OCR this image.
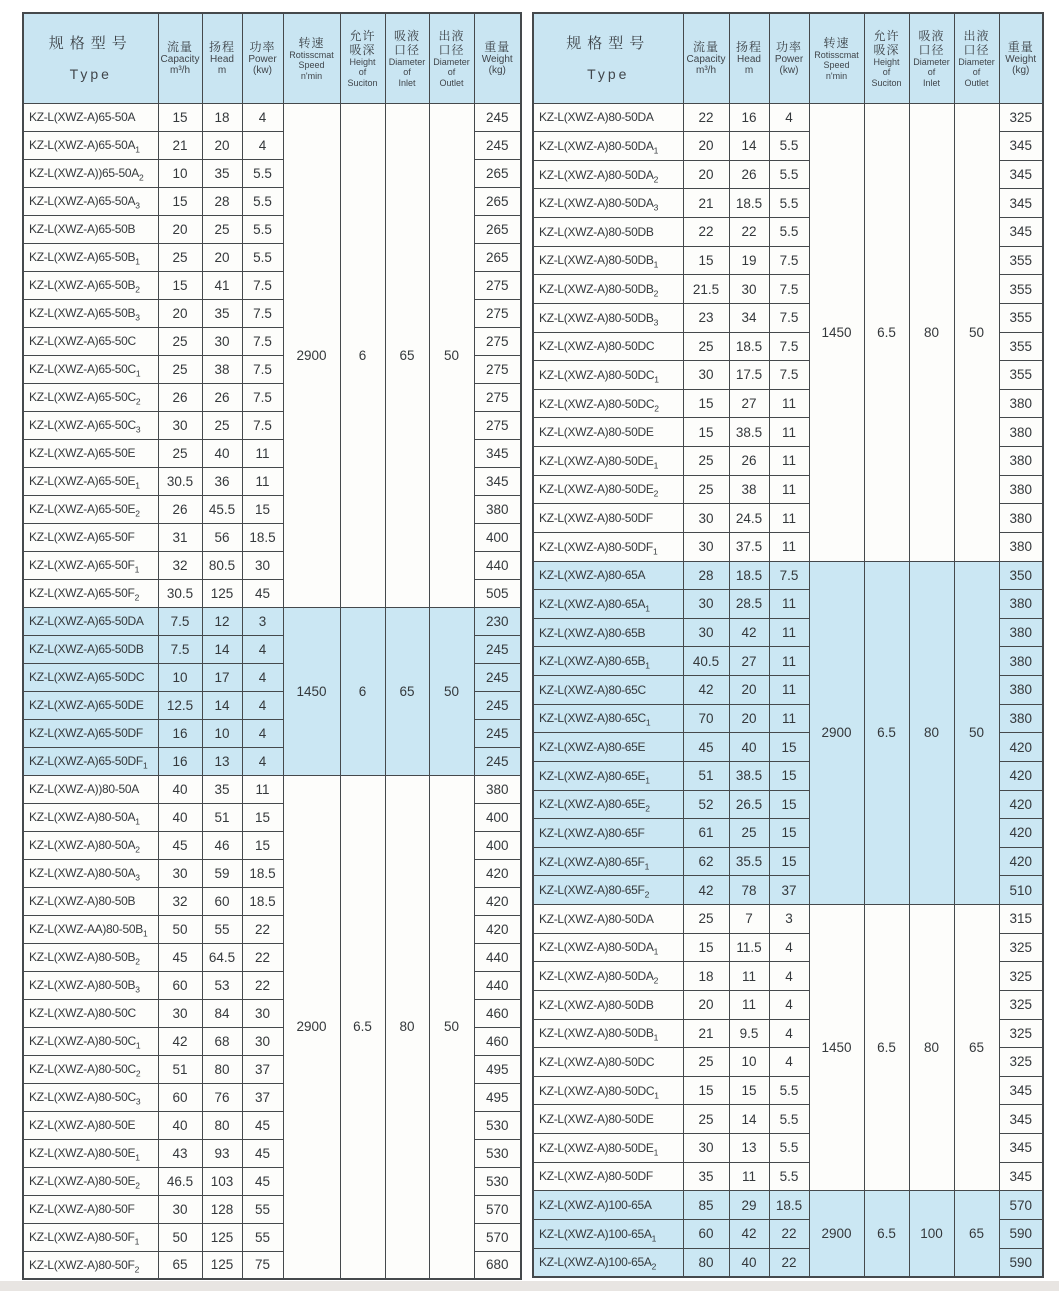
规格型号
Type

流量
Capacity
m³/h

扬程
Head
m

功率
Power
(kw)

转速
Rotisscmat
Speed
n'min

允许
吸深
Height
of
Suciton

吸液
口径
Diameter
of
Inlet

出液
口径
Diameter
of
Outlet

重量
Weight
(kg)

KZ-L(XWZ-A)65-50A	15	18	4	2900	6	65	50	245
$KZ-L(XWZ-A)65-50A_1$	21	20	4					245
$KZ-L(XWZ-A))65-50A_2$	10	35	5.5					265
$KZ-L(XWZ-A)65-50A_3$	15	28	5.5					265
KZ-L(XWZ-A)65-50B	20	25	5.5					265
$KZ-L(XWZ-A)65-50B_1$	25	20	5.5					265
$KZ-L(XWZ-A)65-50B_2$	15	41	7.5					275
$KZ-L(XWZ-A)65-50B_3$	20	35	7.5					275
KZ-L(XWZ-A)65-50C	25	30	7.5					275
$KZ-L(XWZ-A)65-50C_1$	25	38	7.5					275
$KZ-L(XWZ-A)65-50C_2$	26	26	7.5					275
$KZ-L(XWZ-A)65-50C_3$	30	25	7.5					275
KZ-L(XWZ-A)65-50E	25	40	11					345
$KZ-L(XWZ-A)65-50E_1$	30.5	36	11					345
$KZ-L(XWZ-A)65-50E_2$	26	45.5	15					380
KZ-L(XWZ-A)65-50F	31	56	18.5					400
$KZ-L(XWZ-A)65-50F_1$	32	80.5	30					440
$KZ-L(XWZ-A)65-50F_2$	30.5	125	45					505
KZ-L(XWZ-A)65-50DA	7.5	12	3	1450	6	65	50	230
KZ-L(XWZ-A)65-50DB	7.5	14	4					245
KZ-L(XWZ-A)65-50DC	10	17	4					245
KZ-L(XWZ-A)65-50DE	12.5	14	4					245
KZ-L(XWZ-A)65-50DF	16	10	4					245
$KZ-L(XWZ-A)65-50DF_1$	16	13	4					245
KZ-L(XWZ-A))80-50A	40	35	11	2900	6.5	80	50	380
$KZ-L(XWZ-A)80-50A_1$	40	51	15					400
$KZ-L(XWZ-A)80-50A_2$	45	46	15					400
$KZ-L(XWZ-A)80-50A_3$	30	59	18.5					420
KZ-L(XWZ-A)80-50B	32	60	18.5					420
$KZ-L(XWZ-AA)80-50B_1$	50	55	22					420
$KZ-L(XWZ-A)80-50B_2$	45	64.5	22					440
$KZ-L(XWZ-A)80-50B_3$	60	53	22					440
KZ-L(XWZ-A)80-50C	30	84	30					460
$KZ-L(XWZ-A)80-50C_1$	42	68	30					460
$KZ-L(XWZ-A)80-50C_2$	51	80	37					495
$KZ-L(XWZ-A)80-50C_3$	60	76	37					495
KZ-L(XWZ-A)80-50E	40	80	45					530
$KZ-L(XWZ-A)80-50E_1$	43	93	45					530
$KZ-L(XWZ-A)80-50E_2$	46.5	103	45					530
KZ-L(XWZ-A)80-50F	30	128	55					570
$KZ-L(XWZ-A)80-50F_1$	50	125	55					570
$KZ-L(XWZ-A)80-50F_2$	65	125	75					680
规格型号
Type

流量
Capacity
m³/h

扬程
Head
m

功率
Power
(kw)

转速
Rotisscmat
Speed
n'min

允许
吸深
Height
of
Suciton

吸液
口径
Diameter
of
Inlet

出液
口径
Diameter
of
Outlet

重量
Weight
(kg)

KZ-L(XWZ-A)80-50DA	22	16	4	1450	6.5	80	50	325
$KZ-L(XWZ-A)80-50DA_1$	20	14	5.5					345
$KZ-L(XWZ-A)80-50DA_2$	20	26	5.5					345
$KZ-L(XWZ-A)80-50DA_3$	21	18.5	5.5					345
KZ-L(XWZ-A)80-50DB	22	22	5.5					345
$KZ-L(XWZ-A)80-50DB_1$	15	19	7.5					355
$KZ-L(XWZ-A)80-50DB_2$	21.5	30	7.5					355
$KZ-L(XWZ-A)80-50DB_3$	23	34	7.5					355
KZ-L(XWZ-A)80-50DC	25	18.5	7.5					355
$KZ-L(XWZ-A)80-50DC_1$	30	17.5	7.5					355
$KZ-L(XWZ-A)80-50DC_2$	15	27	11					380
KZ-L(XWZ-A)80-50DE	15	38.5	11					380
$KZ-L(XWZ-A)80-50DE_1$	25	26	11					380
$KZ-L(XWZ-A)80-50DE_2$	25	38	11					380
KZ-L(XWZ-A)80-50DF	30	24.5	11					380
$KZ-L(XWZ-A)80-50DF_1$	30	37.5	11					380
KZ-L(XWZ-A)80-65A	28	18.5	7.5	2900	6.5	80	50	350
$KZ-L(XWZ-A)80-65A_1$	30	28.5	11					380
KZ-L(XWZ-A)80-65B	30	42	11					380
$KZ-L(XWZ-A)80-65B_1$	40.5	27	11					380
KZ-L(XWZ-A)80-65C	42	20	11					380
$KZ-L(XWZ-A)80-65C_1$	70	20	11					380
KZ-L(XWZ-A)80-65E	45	40	15					420
$KZ-L(XWZ-A)80-65E_1$	51	38.5	15					420
$KZ-L(XWZ-A)80-65E_2$	52	26.5	15					420
KZ-L(XWZ-A)80-65F	61	25	15					420
$KZ-L(XWZ-A)80-65F_1$	62	35.5	15					420
$KZ-L(XWZ-A)80-65F_2$	42	78	37					510
KZ-L(XWZ-A)80-50DA	25	7	3	1450	6.5	80	65	315
$KZ-L(XWZ-A)80-50DA_1$	15	11.5	4					325
$KZ-L(XWZ-A)80-50DA_2$	18	11	4					325
KZ-L(XWZ-A)80-50DB	20	11	4					325
$KZ-L(XWZ-A)80-50DB_1$	21	9.5	4					325
KZ-L(XWZ-A)80-50DC	25	10	4					325
$KZ-L(XWZ-A)80-50DC_1$	15	15	5.5					345
KZ-L(XWZ-A)80-50DE	25	14	5.5					345
$KZ-L(XWZ-A)80-50DE_1$	30	13	5.5					345
KZ-L(XWZ-A)80-50DF	35	11	5.5					345
KZ-L(XWZ-A)100-65A	85	29	18.5	2900	6.5	100	65	570
$KZ-L(XWZ-A)100-65A_1$	60	42	22					590
$KZ-L(XWZ-A)100-65A_2$	80	40	22					590
